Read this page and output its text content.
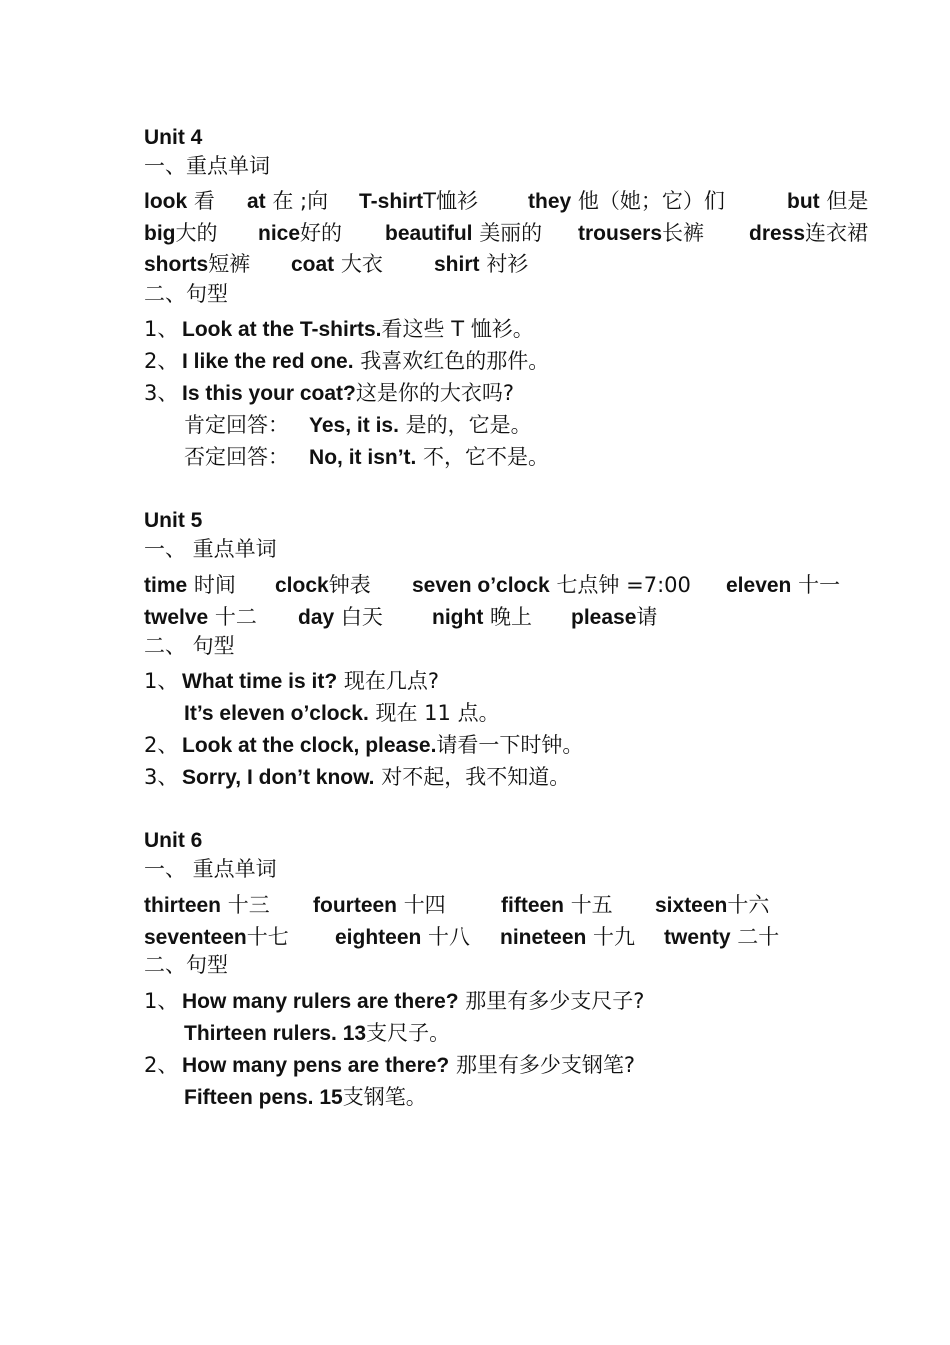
Unit 4
一、重点单词
look 看 at 在 ;向 T-shirtT恤衫 they 他（她；它）们	but 但是
big大的 nice好的 beautiful 美丽的 trousers长裤 dress连衣裙
shorts短裤 coat 大衣 shirt 衬衫
二、句型
1、 Look at the T-shirts.看这些 T 恤衫。
2、 I like the red one. 我喜欢红色的那件。
3、 Is this your coat?这是你的大衣吗?
肯定回答： Yes, it is. 是的，它是。
否定回答： No, it isn’t. 不，它不是。
Unit 5
一、 重点单词
time 时间 clock钟表 seven o’clock 七点钟 =7:00 eleven 十一
twelve 十二 day 白天 night 晚上 please请
二、 句型
1、 What time is it? 现在几点?
It’s eleven o’clock. 现在 11 点。
2、 Look at the clock, please.请看一下时钟。
3、 Sorry, I don’t know. 对不起，我不知道。
Unit 6
一、 重点单词
thirteen 十三 fourteen 十四	fifteen 十五 sixteen十六
seventeen十七 eighteen 十八 nineteen 十九 twenty 二十
二、句型
1、 How many rulers are there? 那里有多少支尺子?
Thirteen rulers. 13支尺子。
2、 How many pens are there? 那里有多少支钢笔?
Fifteen pens. 15支钢笔。
